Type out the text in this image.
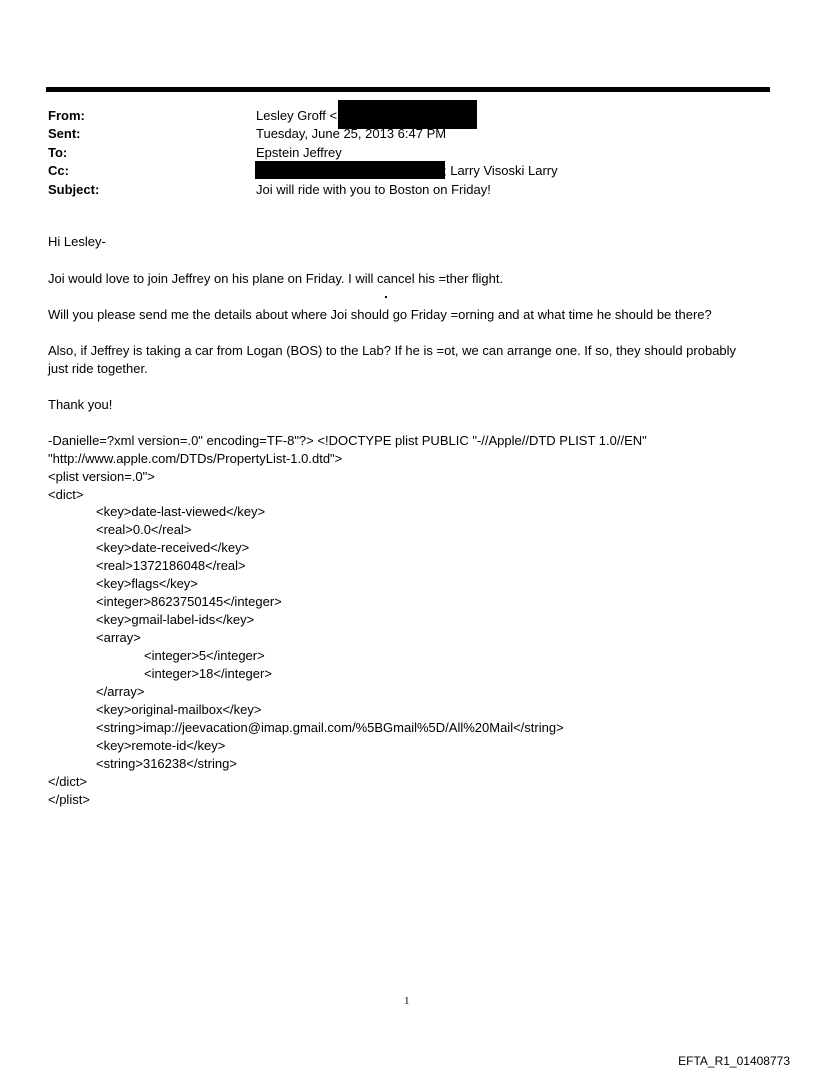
From:	Lesley Groff <
Sent:	Tuesday, June 25, 2013 6:47 PM
To:	Epstein Jeffrey
Cc:	; Larry Visoski Larry
Subject:	Joi will ride with you to Boston on Friday!
Hi Lesley-
Joi would love to join Jeffrey on his plane on Friday. I will cancel his =ther flight.
Will you please send me the details about where Joi should go Friday =orning and at what time he should be there?
Also, if Jeffrey is taking a car from Logan (BOS) to the Lab? If he is =ot, we can arrange one. If so, they should probably
just ride together.
Thank you!
-Danielle=?xml version=.0" encoding=TF-8"?> <!DOCTYPE plist PUBLIC "-//Apple//DTD PLIST 1.0//EN"
"http://www.apple.com/DTDs/PropertyList-1.0.dtd">
<plist version=.0">
<dict>
<key>date-last-viewed</key>
<real>0.0</real>
<key>date-received</key>
<real>1372186048</real>
<key>flags</key>
<integer>8623750145</integer>
<key>gmail-label-ids</key>
<array>
<integer>5</integer>
<integer>18</integer>
</array>
<key>original-mailbox</key>
<string>imap://jeevacation@imap.gmail.com/%5BGmail%5D/All%20Mail</string>
<key>remote-id</key>
<string>316238</string>
</dict>
</plist>
1
EFTA_R1_01408773
